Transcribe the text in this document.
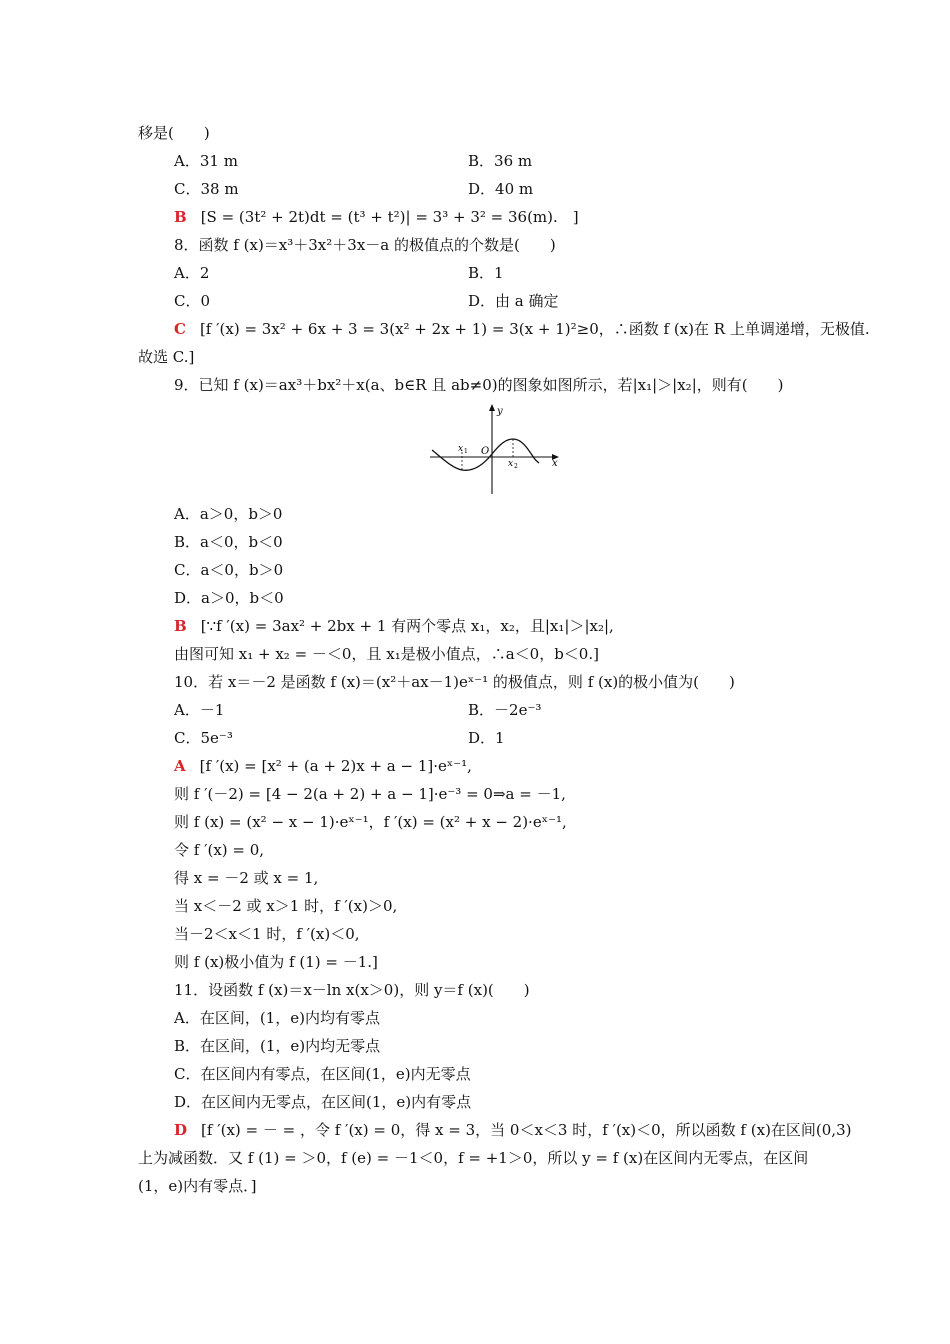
移是(　　)
A．31 m	B．36 m
C．38 m	D．40 m
B [S = (3t² + 2t)dt = (t³ + t²)| = 3³ + 3² = 36(m).　]
8．函数 f (x)＝x³＋3x²＋3x－a 的极值点的个数是(　　)
A．2	B．1
C．0	D．由 a 确定
C [f ′(x) = 3x² + 6x + 3 = 3(x² + 2x + 1) = 3(x + 1)²≥0，∴函数 f (x)在 R 上单调递增，无极值.
故选 C.]
9．已知 f (x)＝ax³＋bx²＋x(a、b∈R 且 ab≠0)的图象如图所示，若|x₁|＞|x₂|，则有(　　)
y
x
O
x 1
x 2
A．a＞0，b＞0
B．a＜0，b＜0
C．a＜0，b＞0
D．a＞0，b＜0
B [∵f ′(x) = 3ax² + 2bx + 1 有两个零点 x₁，x₂，且|x₁|＞|x₂|,
由图可知 x₁ + x₂ = －＜0，且 x₁是极小值点，∴a＜0，b＜0.]
10．若 x＝－2 是函数 f (x)＝(x²＋ax－1)eˣ⁻¹ 的极值点，则 f (x)的极小值为(　　)
A．－1	B．－2e⁻³
C．5e⁻³	D．1
A [f ′(x) = [x² + (a + 2)x + a − 1]·eˣ⁻¹,
则 f ′(－2) = [4 − 2(a + 2) + a − 1]·e⁻³ = 0⇒a = －1,
则 f (x) = (x² − x − 1)·eˣ⁻¹，f ′(x) = (x² + x − 2)·eˣ⁻¹,
令 f ′(x) = 0,
得 x = －2 或 x = 1,
当 x＜－2 或 x＞1 时，f ′(x)＞0,
当－2＜x＜1 时，f ′(x)＜0,
则 f (x)极小值为 f (1) = －1.]
11．设函数 f (x)＝x－ln x(x＞0)，则 y＝f (x)(　　)
A．在区间，(1，e)内均有零点
B．在区间，(1，e)内均无零点
C．在区间内有零点，在区间(1，e)内无零点
D．在区间内无零点，在区间(1，e)内有零点
D [f ′(x) = － = ，令 f ′(x) = 0，得 x = 3，当 0＜x＜3 时，f ′(x)＜0，所以函数 f (x)在区间(0,3)
上为减函数．又 f (1) = ＞0，f (e) = －1＜0，f = +1＞0，所以 y = f (x)在区间内无零点，在区间
(1，e)内有零点．]
